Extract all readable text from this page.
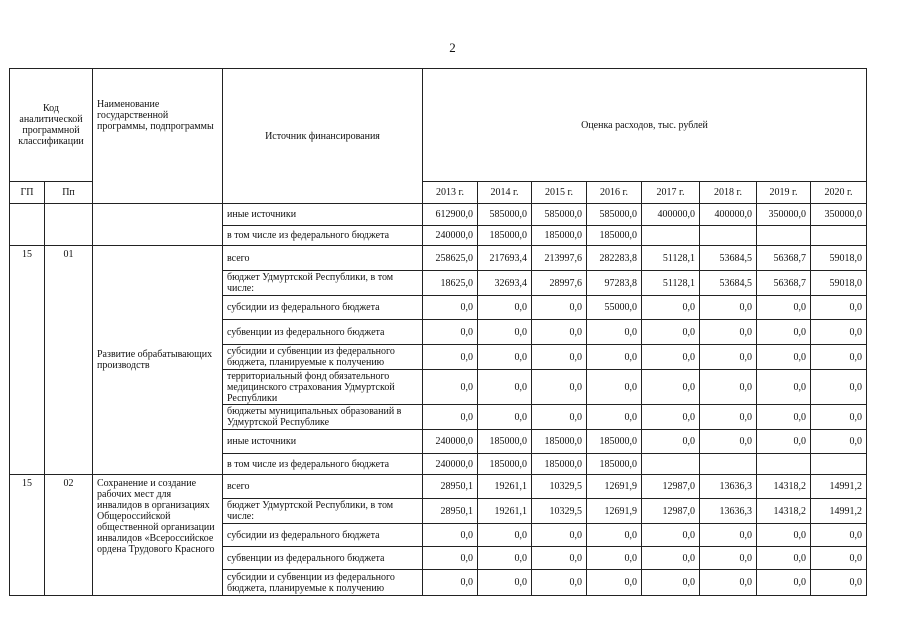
2
Код аналитической программной классификации		Наименование государственной программы, подпрограммы	Источник финансирования	Оценка расходов, тыс. рублей							
ГП	Пп			2013 г.	2014 г.	2015 г.	2016 г.	2017 г.	2018 г.	2019 г.	2020 г.
			иные источники	612900,0	585000,0	585000,0	585000,0	400000,0	400000,0	350000,0	350000,0
			в том числе из федерального бюджета	240000,0	185000,0	185000,0	185000,0				
15	01	Развитие обрабатывающих производств	всего	258625,0	217693,4	213997,6	282283,8	51128,1	53684,5	56368,7	59018,0
			бюджет Удмуртской Республики, в том числе:	18625,0	32693,4	28997,6	97283,8	51128,1	53684,5	56368,7	59018,0
			субсидии из федерального бюджета	0,0	0,0	0,0	55000,0	0,0	0,0	0,0	0,0
			субвенции из федерального бюджета	0,0	0,0	0,0	0,0	0,0	0,0	0,0	0,0
			субсидии и субвенции из федерального бюджета, планируемые к получению	0,0	0,0	0,0	0,0	0,0	0,0	0,0	0,0
			территориальный фонд обязательного медицинского страхования Удмуртской Республики	0,0	0,0	0,0	0,0	0,0	0,0	0,0	0,0
			бюджеты муниципальных образований в Удмуртской Республике	0,0	0,0	0,0	0,0	0,0	0,0	0,0	0,0
			иные источники	240000,0	185000,0	185000,0	185000,0	0,0	0,0	0,0	0,0
			в том числе из федерального бюджета	240000,0	185000,0	185000,0	185000,0				
15	02	Сохранение и создание рабочих мест для инвалидов в организациях Общероссийской общественной организации инвалидов «Всероссийское ордена Трудового Красного	всего	28950,1	19261,1	10329,5	12691,9	12987,0	13636,3	14318,2	14991,2
			бюджет Удмуртской Республики, в том числе:	28950,1	19261,1	10329,5	12691,9	12987,0	13636,3	14318,2	14991,2
			субсидии из федерального бюджета	0,0	0,0	0,0	0,0	0,0	0,0	0,0	0,0
			субвенции из федерального бюджета	0,0	0,0	0,0	0,0	0,0	0,0	0,0	0,0
			субсидии и субвенции из федерального бюджета, планируемые к получению	0,0	0,0	0,0	0,0	0,0	0,0	0,0	0,0
